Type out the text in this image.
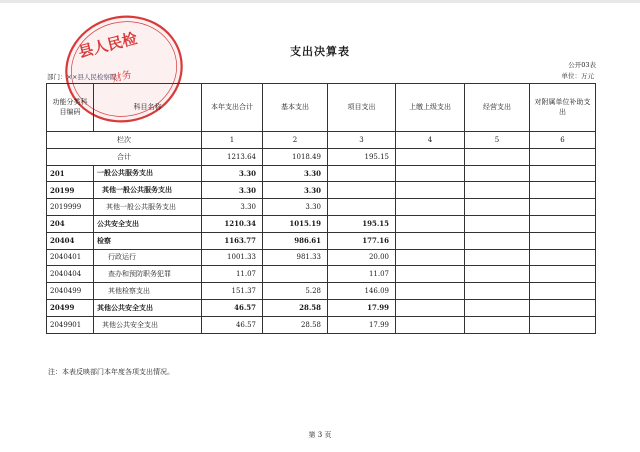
县人民检
财务
支出决算表
公开03表
部门：××县人民检察院	单位：万元
功能分类科目编码	科目名称	本年支出合计	基本支出	项目支出	上缴上级支出	经营支出	对附属单位补助支出
栏次		1	2	3	4	5	6
合计		1213.64	1018.49	195.15			
201	一般公共服务支出	3.30	3.30				
20199	其他一般公共服务支出	3.30	3.30				
2019999	其他一般公共服务支出	3.30	3.30				
204	公共安全支出	1210.34	1015.19	195.15			
20404	检察	1163.77	986.61	177.16			
2040401	行政运行	1001.33	981.33	20.00			
2040404	查办和预防职务犯罪	11.07		11.07			
2040499	其他检察支出	151.37	5.28	146.09			
20499	其他公共安全支出	46.57	28.58	17.99			
2049901	其他公共安全支出	46.57	28.58	17.99			
注：本表反映部门本年度各项支出情况。
第 3 页
